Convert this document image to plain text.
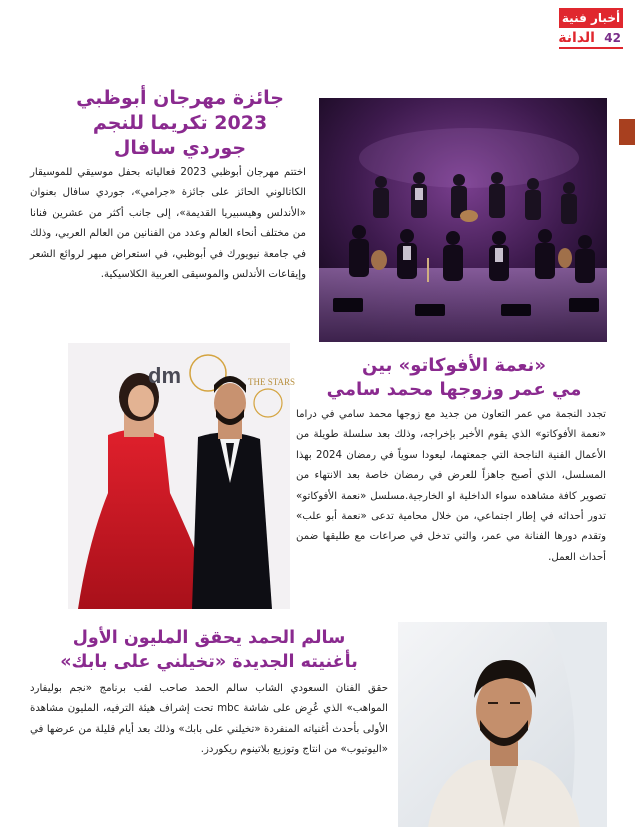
أخبار فنية
الدانة 42
جائزة مهرجان أبوظبي
2023 تكريما للنجم
جوردي سافال
اختتم مهرجان أبوظبي 2023 فعالياته بحفل موسيقي للموسيقار الكاتالوني الحائز على جائزة «جرامي»، جوردي سافال بعنوان «الأندلس وهيسبيريا القديمة»، إلى جانب أكثر من عشرين فنانا من مختلف أنحاء العالم وعدد من الفنانين من العالم العربي، وذلك في جامعة نيويورك في أبوظبي، في استعراض مبهر لروائع الشعر وإيقاعات الأندلس والموسيقى العربية الكلاسيكية.
dm	THE STARS
«نعمة الأفوكاتو» بين
مي عمر وزوجها محمد سامي
تجدد النجمة مي عمر التعاون من جديد مع زوجها محمد سامي في دراما «نعمة الأفوكاتو» الذي يقوم الأخير بإخراجه، وذلك بعد سلسلة طويلة من الأعمال الفنية الناجحة التي جمعتهما، ليعودا سوياً في رمضان 2024 بهذا المسلسل، الذي أصبح جاهزاً للعرض في رمضان خاصة بعد الانتهاء من تصوير كافة مشاهده سواء الداخلية او الخارجية.مسلسل «نعمة الأفوكاتو» تدور أحداثه في إطار اجتماعي، من خلال محامية تدعى «نعمة أبو علب» وتقدم دورها الفنانة مي عمر، والتي تدخل في صراعات مع طليقها ضمن أحداث العمل.
سالم الحمد يحقق المليون الأول
بأغنيته الجديدة «تخيلني على بابك»
حقق الفنان السعودي الشاب سالم الحمد صاحب لقب برنامج «نجم بوليفارد المواهب» الذي عُرِض على شاشة mbc تحت إشراف هيئة الترفيه، المليون مشاهدة الأولى بأحدث أغنياته المنفردة «تخيلني على بابك» وذلك بعد أيام قليلة من عرضها في «اليوتيوب» من انتاج وتوزيع بلاتينوم ريكوردز.
